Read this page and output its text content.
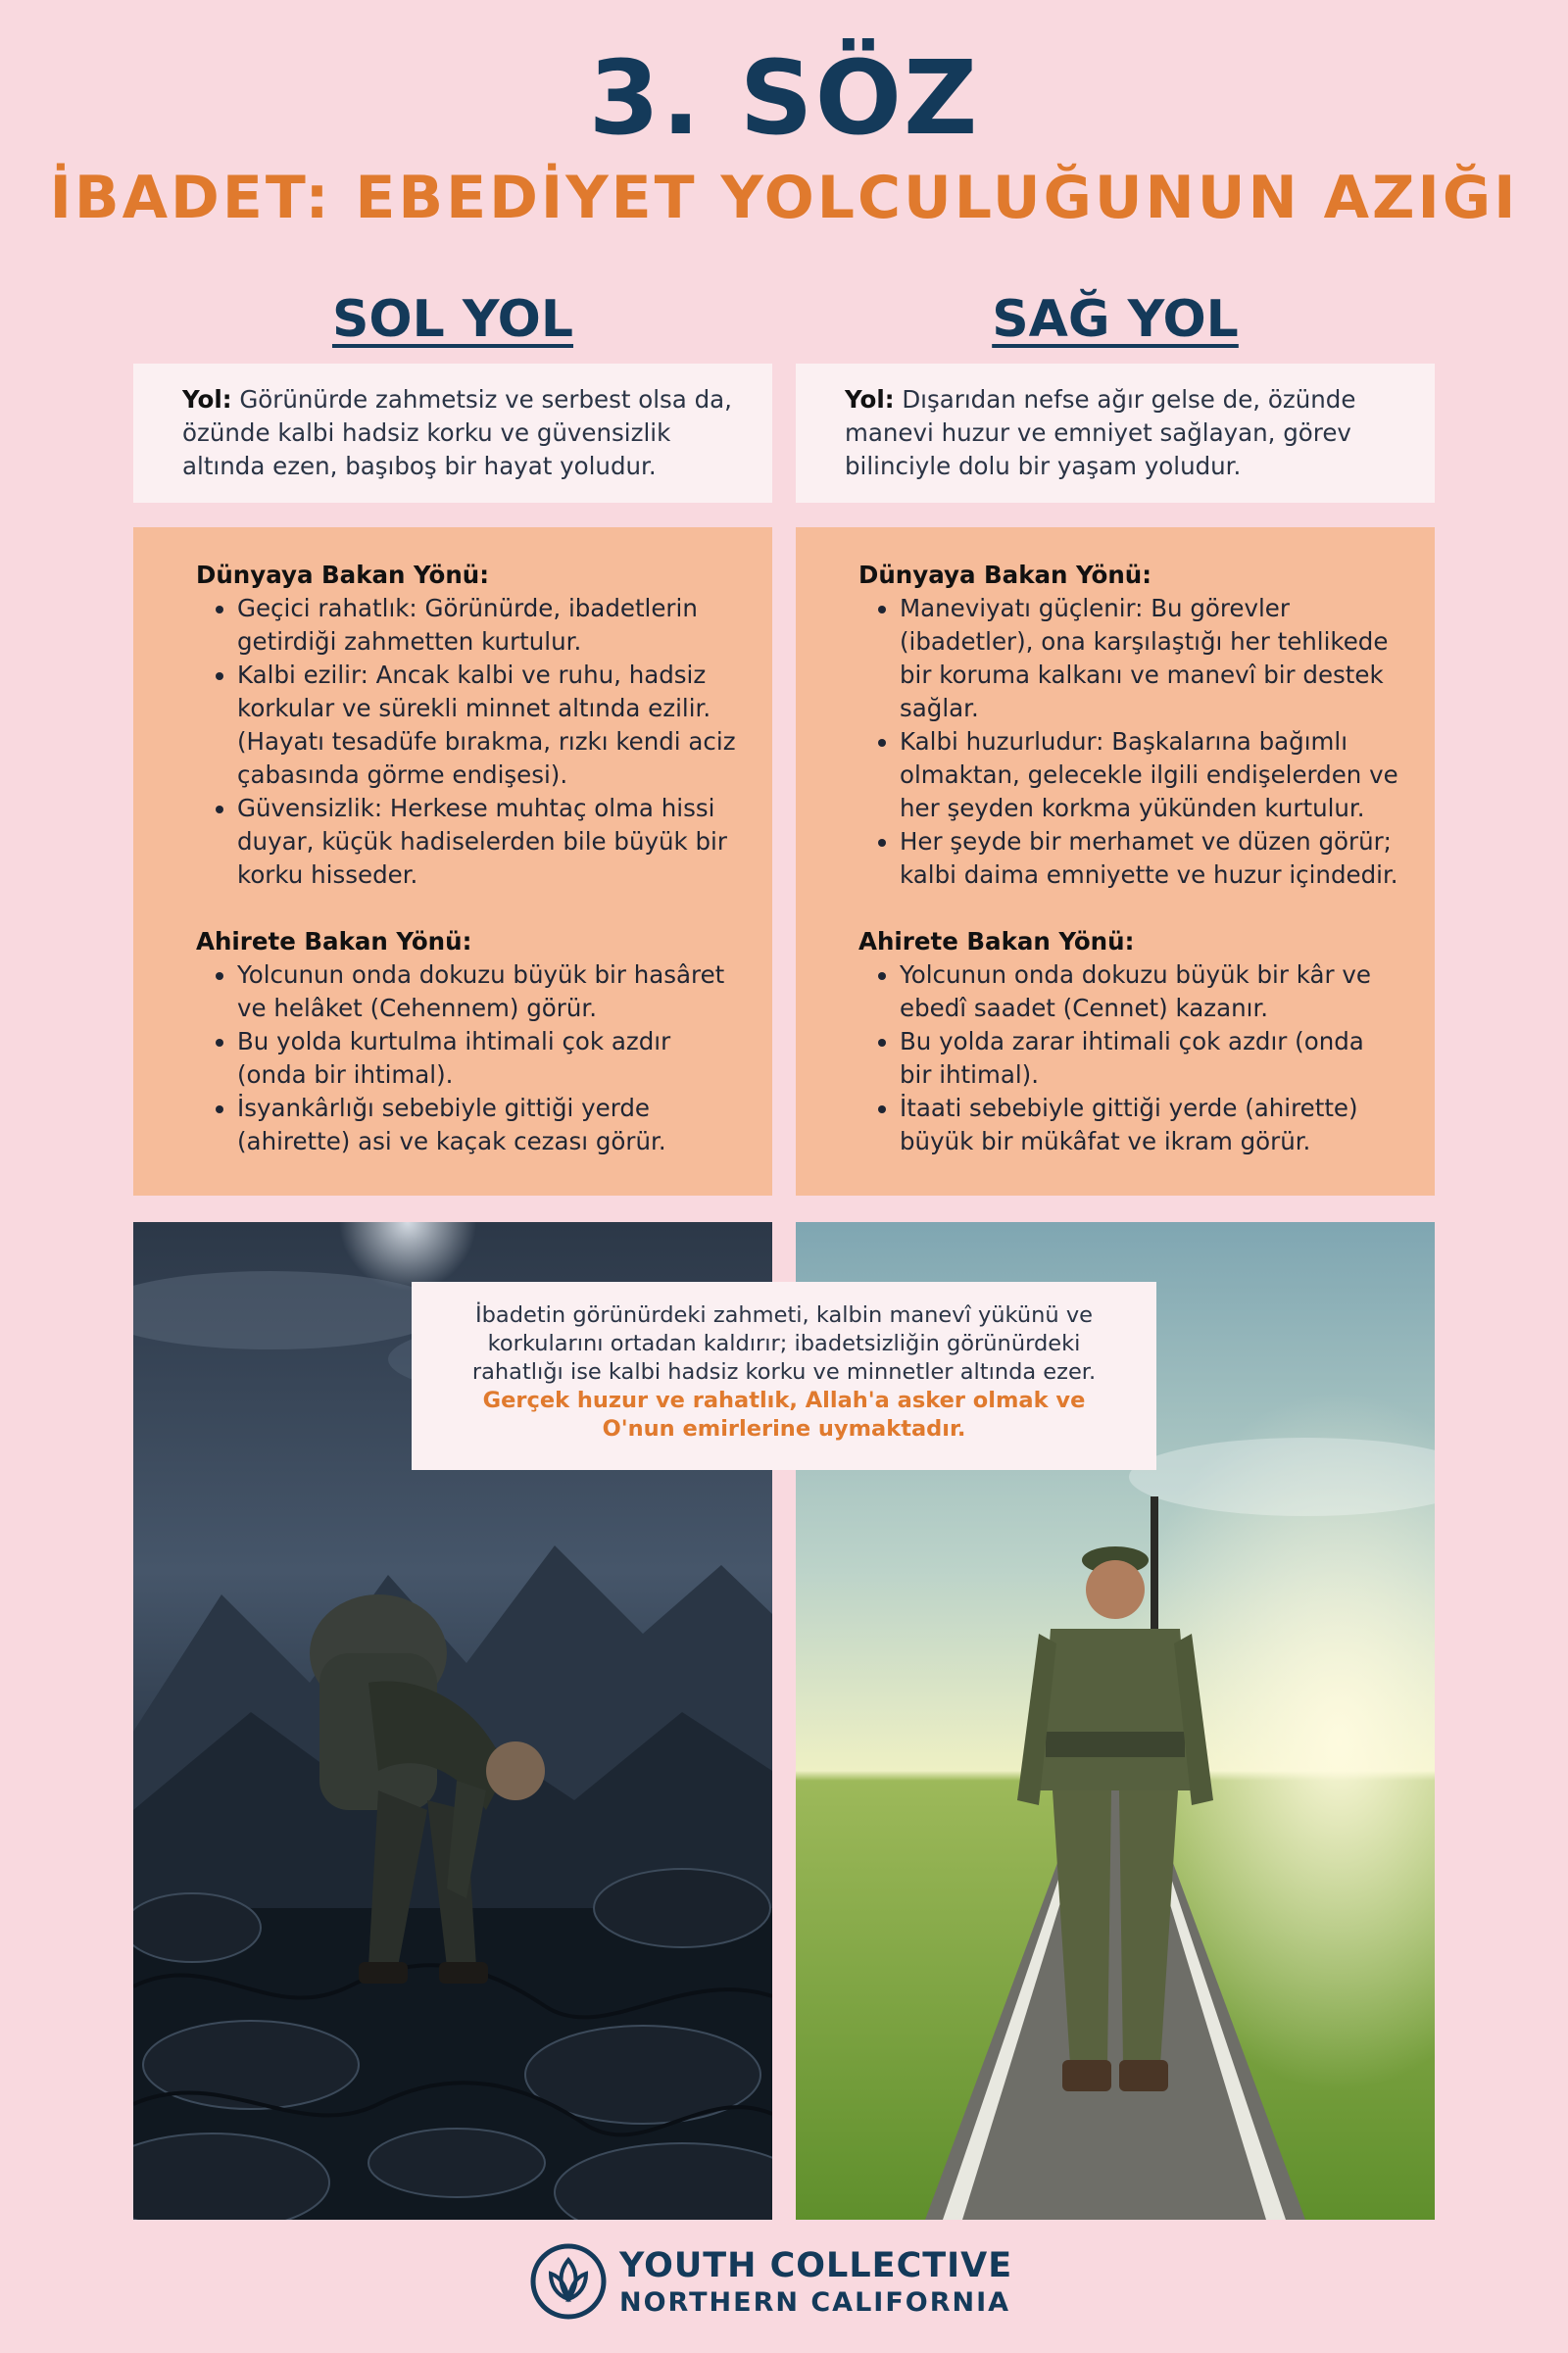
3. SÖZ
İBADET: EBEDİYET YOLCULUĞUNUN AZIĞI
SOL YOL	SAĞ YOL
Yol: Görünürde zahmetsiz ve serbest olsa da, özünde kalbi hadsiz korku ve güvensizlik altında ezen, başıboş bir hayat yoludur.
Yol: Dışarıdan nefse ağır gelse de, özünde manevi huzur ve emniyet sağlayan, görev bilinciyle dolu bir yaşam yoludur.
Dünyaya Bakan Yönü:
• Geçici rahatlık: Görünürde, ibadetlerin getirdiği zahmetten kurtulur.
• Kalbi ezilir: Ancak kalbi ve ruhu, hadsiz korkular ve sürekli minnet altında ezilir. (Hayatı tesadüfe bırakma, rızkı kendi aciz çabasında görme endişesi).
• Güvensizlik: Herkese muhtaç olma hissi duyar, küçük hadiselerden bile büyük bir korku hisseder.
Ahirete Bakan Yönü:
• Yolcunun onda dokuzu büyük bir hasâret ve helâket (Cehennem) görür.
• Bu yolda kurtulma ihtimali çok azdır (onda bir ihtimal).
• İsyankârlığı sebebiyle gittiği yerde (ahirette) asi ve kaçak cezası görür.
Dünyaya Bakan Yönü:
• Maneviyatı güçlenir: Bu görevler (ibadetler), ona karşılaştığı her tehlikede bir koruma kalkanı ve manevî bir destek sağlar.
• Kalbi huzurludur: Başkalarına bağımlı olmaktan, gelecekle ilgili endişelerden ve her şeyden korkma yükünden kurtulur.
• Her şeyde bir merhamet ve düzen görür; kalbi daima emniyette ve huzur içindedir.
Ahirete Bakan Yönü:
• Yolcunun onda dokuzu büyük bir kâr ve ebedî saadet (Cennet) kazanır.
• Bu yolda zarar ihtimali çok azdır (onda bir ihtimal).
• İtaati sebebiyle gittiği yerde (ahirette) büyük bir mükâfat ve ikram görür.
İbadetin görünürdeki zahmeti, kalbin manevî yükünü ve korkularını ortadan kaldırır; ibadetsizliğin görünürdeki rahatlığı ise kalbi hadsiz korku ve minnetler altında ezer.
Gerçek huzur ve rahatlık, Allah'a asker olmak ve O'nun emirlerine uymaktadır.
YOUTH COLLECTIVE
NORTHERN CALIFORNIA
